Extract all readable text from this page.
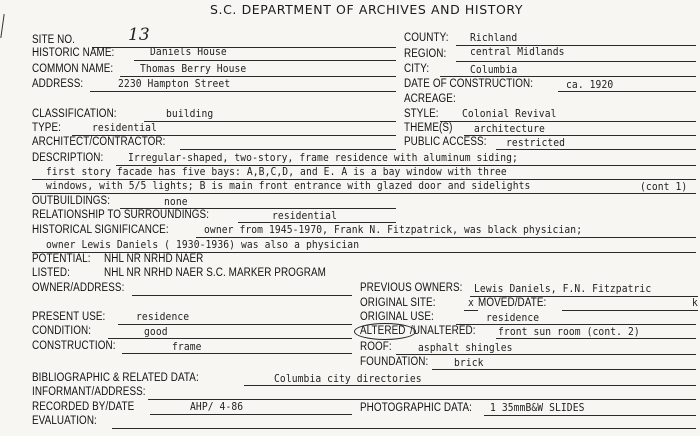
S.C. DEPARTMENT OF ARCHIVES AND HISTORY
SITE NO.	13
HISTORIC NAME:	Daniels House
COMMON NAME:	Thomas Berry House
ADDRESS:	2230 Hampton Street
COUNTY: Richland
REGION: central Midlands
CITY:	Columbia
DATE OF CONSTRUCTION:	ca. 1920
ACREAGE:
CLASSIFICATION:	building
TYPE:	residential
ARCHITECT/CONTRACTOR:
STYLE: Colonial Revival
THEME(S) architecture
PUBLIC ACCESS: restricted
DESCRIPTION: Irregular-shaped, two-story, frame residence with aluminum siding;
first story facade has five bays: A,B,C,D, and E. A is a bay window with three
windows, with 5/5 lights; B is main front entrance with glazed door and sidelights	(cont 1)
OUTBUILDINGS:	none
RELATIONSHIP TO SURROUNDINGS:	residential
HISTORICAL SIGNIFICANCE:	owner from 1945-1970, Frank N. Fitzpatrick, was black physician;
owner Lewis Daniels ( 1930-1936) was also a physician
POTENTIAL: NHL NR NRHD NAER
LISTED:	NHL NR NRHD NAER S.C. MARKER PROGRAM
OWNER/ADDRESS:	PREVIOUS OWNERS: Lewis Daniels, F.N. Fitzpatric
ORIGINAL SITE:	x MOVED/DATE:	k
PRESENT USE:	residence	ORIGINAL USE:	residence
CONDITION:	good	ALTERED /UNALTERED: front sun room (cont. 2)
CONSTRUCTION:	frame	ROOF: asphalt shingles
FOUNDATION: brick
BIBLIOGRAPHIC & RELATED DATA:	Columbia city directories
INFORMANT/ADDRESS:
RECORDED BY/DATE	AHP/ 4-86	PHOTOGRAPHIC DATA: 1 35mmB&W SLIDES
EVALUATION:
